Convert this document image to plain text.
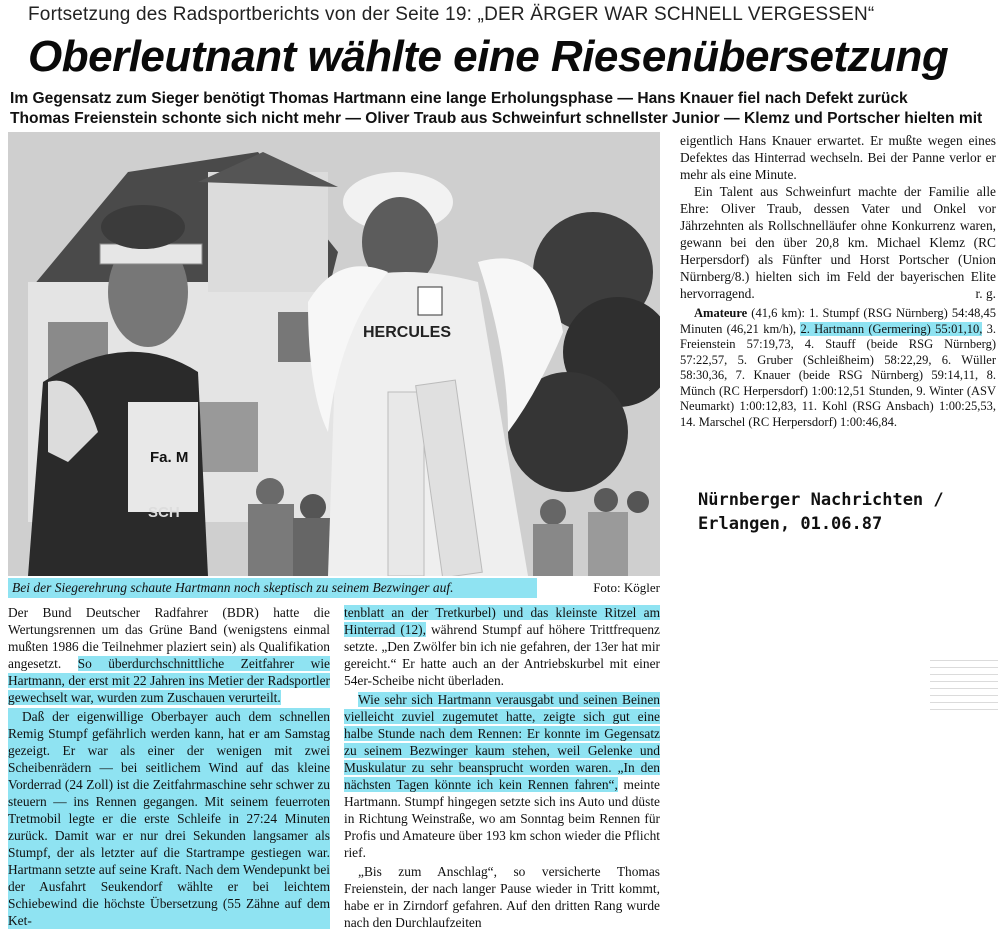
Fortsetzung des Radsportberichts von der Seite 19: „DER ÄRGER WAR SCHNELL VERGESSEN“
Oberleutnant wählte eine Riesenübersetzung
Im Gegensatz zum Sieger benötigt Thomas Hartmann eine lange Erholungsphase — Hans Knauer fiel nach Defekt zurück
Thomas Freienstein schonte sich nicht mehr — Oliver Traub aus Schweinfurt schnellster Junior — Klemz und Portscher hielten mit
HERCULES
Fa. M
SCH
Bei der Siegerehrung schaute Hartmann noch skeptisch zu seinem Bezwinger auf.	Foto: Kögler

eigentlich Hans Knauer erwartet. Er mußte wegen eines Defektes das Hinterrad wechseln. Bei der Panne verlor er mehr als eine Minute.

Ein Talent aus Schweinfurt machte der Familie alle Ehre: Oliver Traub, dessen Vater und Onkel vor Jährzehnten als Rollschnelläufer ohne Konkurrenz waren, gewann bei den über 20,8 km. Michael Klemz (RC Herpersdorf) als Fünfter und Horst Portscher (Union Nürnberg/8.) hielten sich im Feld der bayerischen Elite hervorragend.	r. g.

Amateure (41,6 km): 1. Stumpf (RSG Nürnberg) 54:48,45 Minuten (46,21 km/h), 2. Hartmann (Germering) 55:01,10, 3. Freienstein 57:19,73, 4. Stauff (beide RSG Nürnberg) 57:22,57, 5. Gruber (Schleißheim) 58:22,29, 6. Wüller 58:30,36, 7. Knauer (beide RSG Nürnberg) 59:14,11, 8. Münch (RC Herpersdorf) 1:00:12,51 Stunden, 9. Winter (ASV Neumarkt) 1:00:12,83, 11. Kohl (RSG Ansbach) 1:00:25,53, 14. Marschel (RC Herpersdorf) 1:00:46,84.

Nürnberger Nachrichten /
Erlangen, 01.06.87

Der Bund Deutscher Radfahrer (BDR) hatte die Wertungsrennen um das Grüne Band (wenigstens einmal mußten 1986 die Teilnehmer plaziert sein) als Qualifikation angesetzt. So überdurchschnittliche Zeitfahrer wie Hartmann, der erst mit 22 Jahren ins Metier der Radsportler gewechselt war, wurden zum Zuschauen verurteilt.

Daß der eigenwillige Oberbayer auch dem schnellen Remig Stumpf gefährlich werden kann, hat er am Samstag gezeigt. Er war als einer der wenigen mit zwei Scheibenrädern — bei seitlichem Wind auf das kleine Vorderrad (24 Zoll) ist die Zeitfahrmaschine sehr schwer zu steuern — ins Rennen gegangen. Mit seinem feuerroten Tretmobil legte er die erste Schleife in 27:24 Minuten zurück. Damit war er nur drei Sekunden langsamer als Stumpf, der als letzter auf die Startrampe gestiegen war. Hartmann setzte auf seine Kraft. Nach dem Wendepunkt bei der Ausfahrt Seukendorf wählte er bei leichtem Schiebewind die höchste Übersetzung (55 Zähne auf dem Ket-

tenblatt an der Tretkurbel) und das kleinste Ritzel am Hinterrad (12), während Stumpf auf höhere Trittfrequenz setzte. „Den Zwölfer bin ich nie gefahren, der 13er hat mir gereicht.“ Er hatte auch an der Antriebskurbel mit einer 54er-Scheibe nicht überladen.

Wie sehr sich Hartmann verausgabt und seinen Beinen vielleicht zuviel zugemutet hatte, zeigte sich gut eine halbe Stunde nach dem Rennen: Er konnte im Gegensatz zu seinem Bezwinger kaum stehen, weil Gelenke und Muskulatur zu sehr beansprucht worden waren. „In den nächsten Tagen könnte ich kein Rennen fahren“, meinte Hartmann. Stumpf hingegen setzte sich ins Auto und düste in Richtung Weinstraße, wo am Sonntag beim Rennen für Profis und Amateure über 193 km schon wieder die Pflicht rief.

„Bis zum Anschlag“, so versicherte Thomas Freienstein, der nach langer Pause wieder in Tritt kommt, habe er in Zirndorf gefahren. Auf den dritten Rang wurde nach den Durchlaufzeiten
